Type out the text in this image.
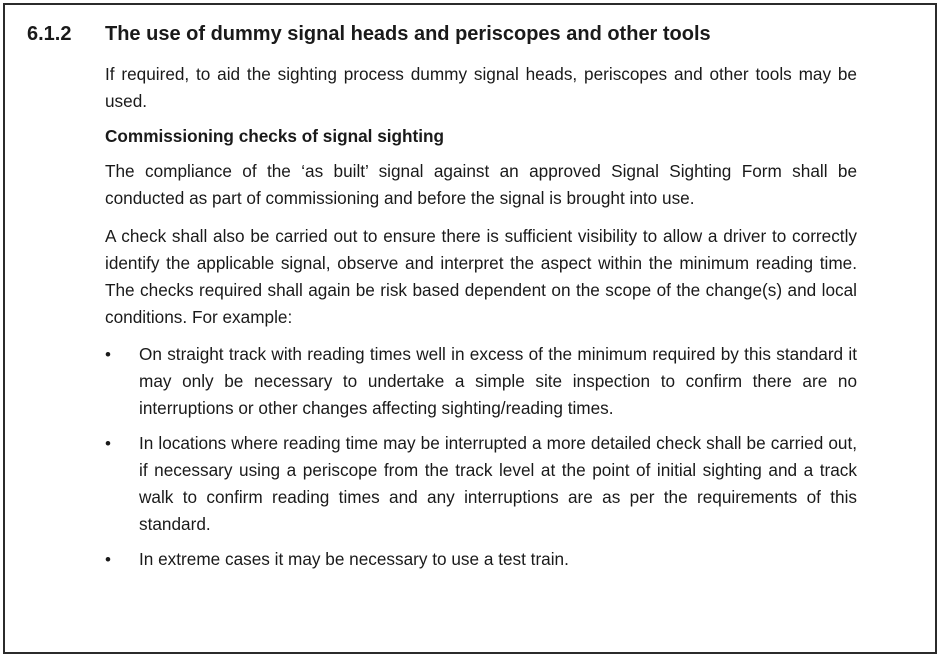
6.1.2 The use of dummy signal heads and periscopes and other tools

If required, to aid the sighting process dummy signal heads, periscopes and other tools may be used.

Commissioning checks of signal sighting

The compliance of the ‘as built’ signal against an approved Signal Sighting Form shall be conducted as part of commissioning and before the signal is brought into use.

A check shall also be carried out to ensure there is sufficient visibility to allow a driver to correctly identify the applicable signal, observe and interpret the aspect within the minimum reading time. The checks required shall again be risk based dependent on the scope of the change(s) and local conditions. For example:

• On straight track with reading times well in excess of the minimum required by this standard it may only be necessary to undertake a simple site inspection to confirm there are no interruptions or other changes affecting sighting/reading times.
• In locations where reading time may be interrupted a more detailed check shall be carried out, if necessary using a periscope from the track level at the point of initial sighting and a track walk to confirm reading times and any interruptions are as per the requirements of this standard.
• In extreme cases it may be necessary to use a test train.
